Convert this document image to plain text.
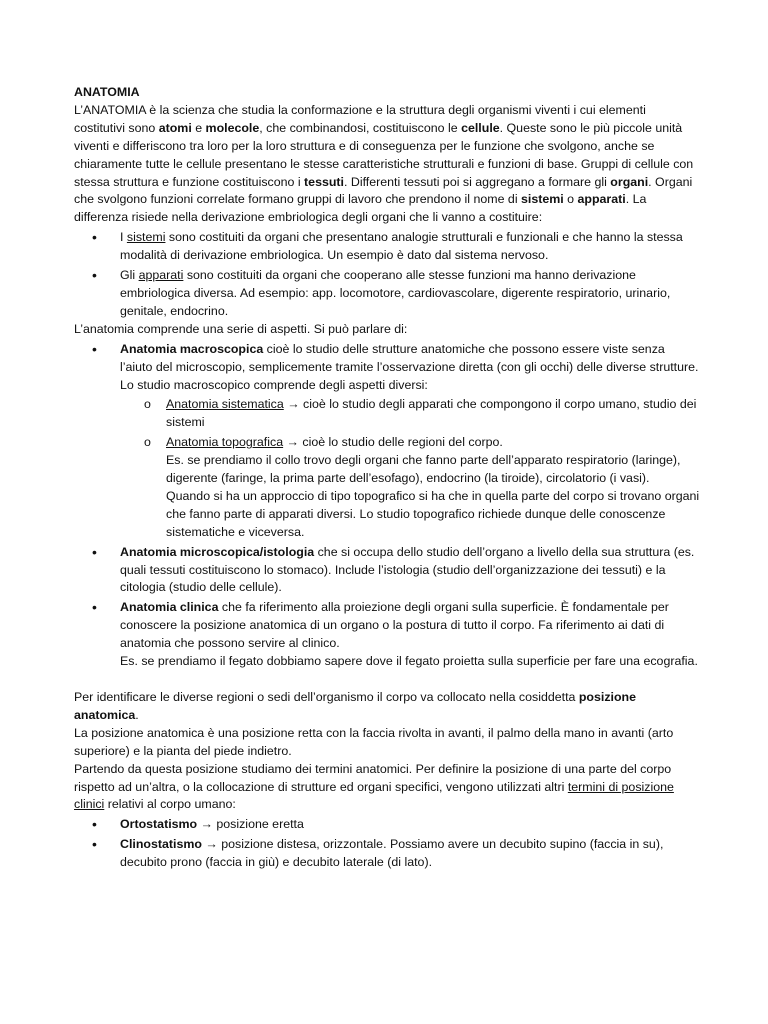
ANATOMIA

L’ANATOMIA è la scienza che studia la conformazione e la struttura degli organismi viventi i cui elementi costitutivi sono atomi e molecole, che combinandosi, costituiscono le cellule. Queste sono le più piccole unità viventi e differiscono tra loro per la loro struttura e di conseguenza per le funzione che svolgono, anche se chiaramente tutte le cellule presentano le stesse caratteristiche strutturali e funzioni di base. Gruppi di cellule con stessa struttura e funzione costituiscono i tessuti. Differenti tessuti poi si aggregano a formare gli organi. Organi che svolgono funzioni correlate formano gruppi di lavoro che prendono il nome di sistemi o apparati. La differenza risiede nella derivazione embriologica degli organi che li vanno a costituire:

• I sistemi sono costituiti da organi che presentano analogie strutturali e funzionali e che hanno la stessa modalità di derivazione embriologica. Un esempio è dato dal sistema nervoso.
• Gli apparati sono costituiti da organi che cooperano alle stesse funzioni ma hanno derivazione embriologica diversa. Ad esempio: app. locomotore, cardiovascolare, digerente respiratorio, urinario, genitale, endocrino.

L’anatomia comprende una serie di aspetti. Si può parlare di:

• Anatomia macroscopica cioè lo studio delle strutture anatomiche che possono essere viste senza l’aiuto del microscopio, semplicemente tramite l’osservazione diretta (con gli occhi) delle diverse strutture.

Lo studio macroscopico comprende degli aspetti diversi:

o Anatomia sistematica → cioè lo studio degli apparati che compongono il corpo umano, studio dei sistemi
o Anatomia topografica → cioè lo studio delle regioni del corpo.

Es. se prendiamo il collo trovo degli organi che fanno parte dell’apparato respiratorio (laringe), digerente (faringe, la prima parte dell’esofago), endocrino (la tiroide), circolatorio (i vasi).

Quando si ha un approccio di tipo topografico si ha che in quella parte del corpo si trovano organi che fanno parte di apparati diversi. Lo studio topografico richiede dunque delle conoscenze sistematiche e viceversa.

• Anatomia microscopica/istologia che si occupa dello studio dell’organo a livello della sua struttura (es. quali tessuti costituiscono lo stomaco). Include l’istologia (studio dell’organizzazione dei tessuti) e la citologia (studio delle cellule).
• Anatomia clinica che fa riferimento alla proiezione degli organi sulla superficie. È fondamentale per conoscere la posizione anatomica di un organo o la postura di tutto il corpo. Fa riferimento ai dati di anatomia che possono servire al clinico.

Es. se prendiamo il fegato dobbiamo sapere dove il fegato proietta sulla superficie per fare una ecografia.

Per identificare le diverse regioni o sedi dell’organismo il corpo va collocato nella cosiddetta posizione anatomica.

La posizione anatomica è una posizione retta con la faccia rivolta in avanti, il palmo della mano in avanti (arto superiore) e la pianta del piede indietro.

Partendo da questa posizione studiamo dei termini anatomici. Per definire la posizione di una parte del corpo rispetto ad un’altra, o la collocazione di strutture ed organi specifici, vengono utilizzati altri termini di posizione clinici relativi al corpo umano:

• Ortostatismo → posizione eretta
• Clinostatismo → posizione distesa, orizzontale. Possiamo avere un decubito supino (faccia in su), decubito prono (faccia in giù) e decubito laterale (di lato).
